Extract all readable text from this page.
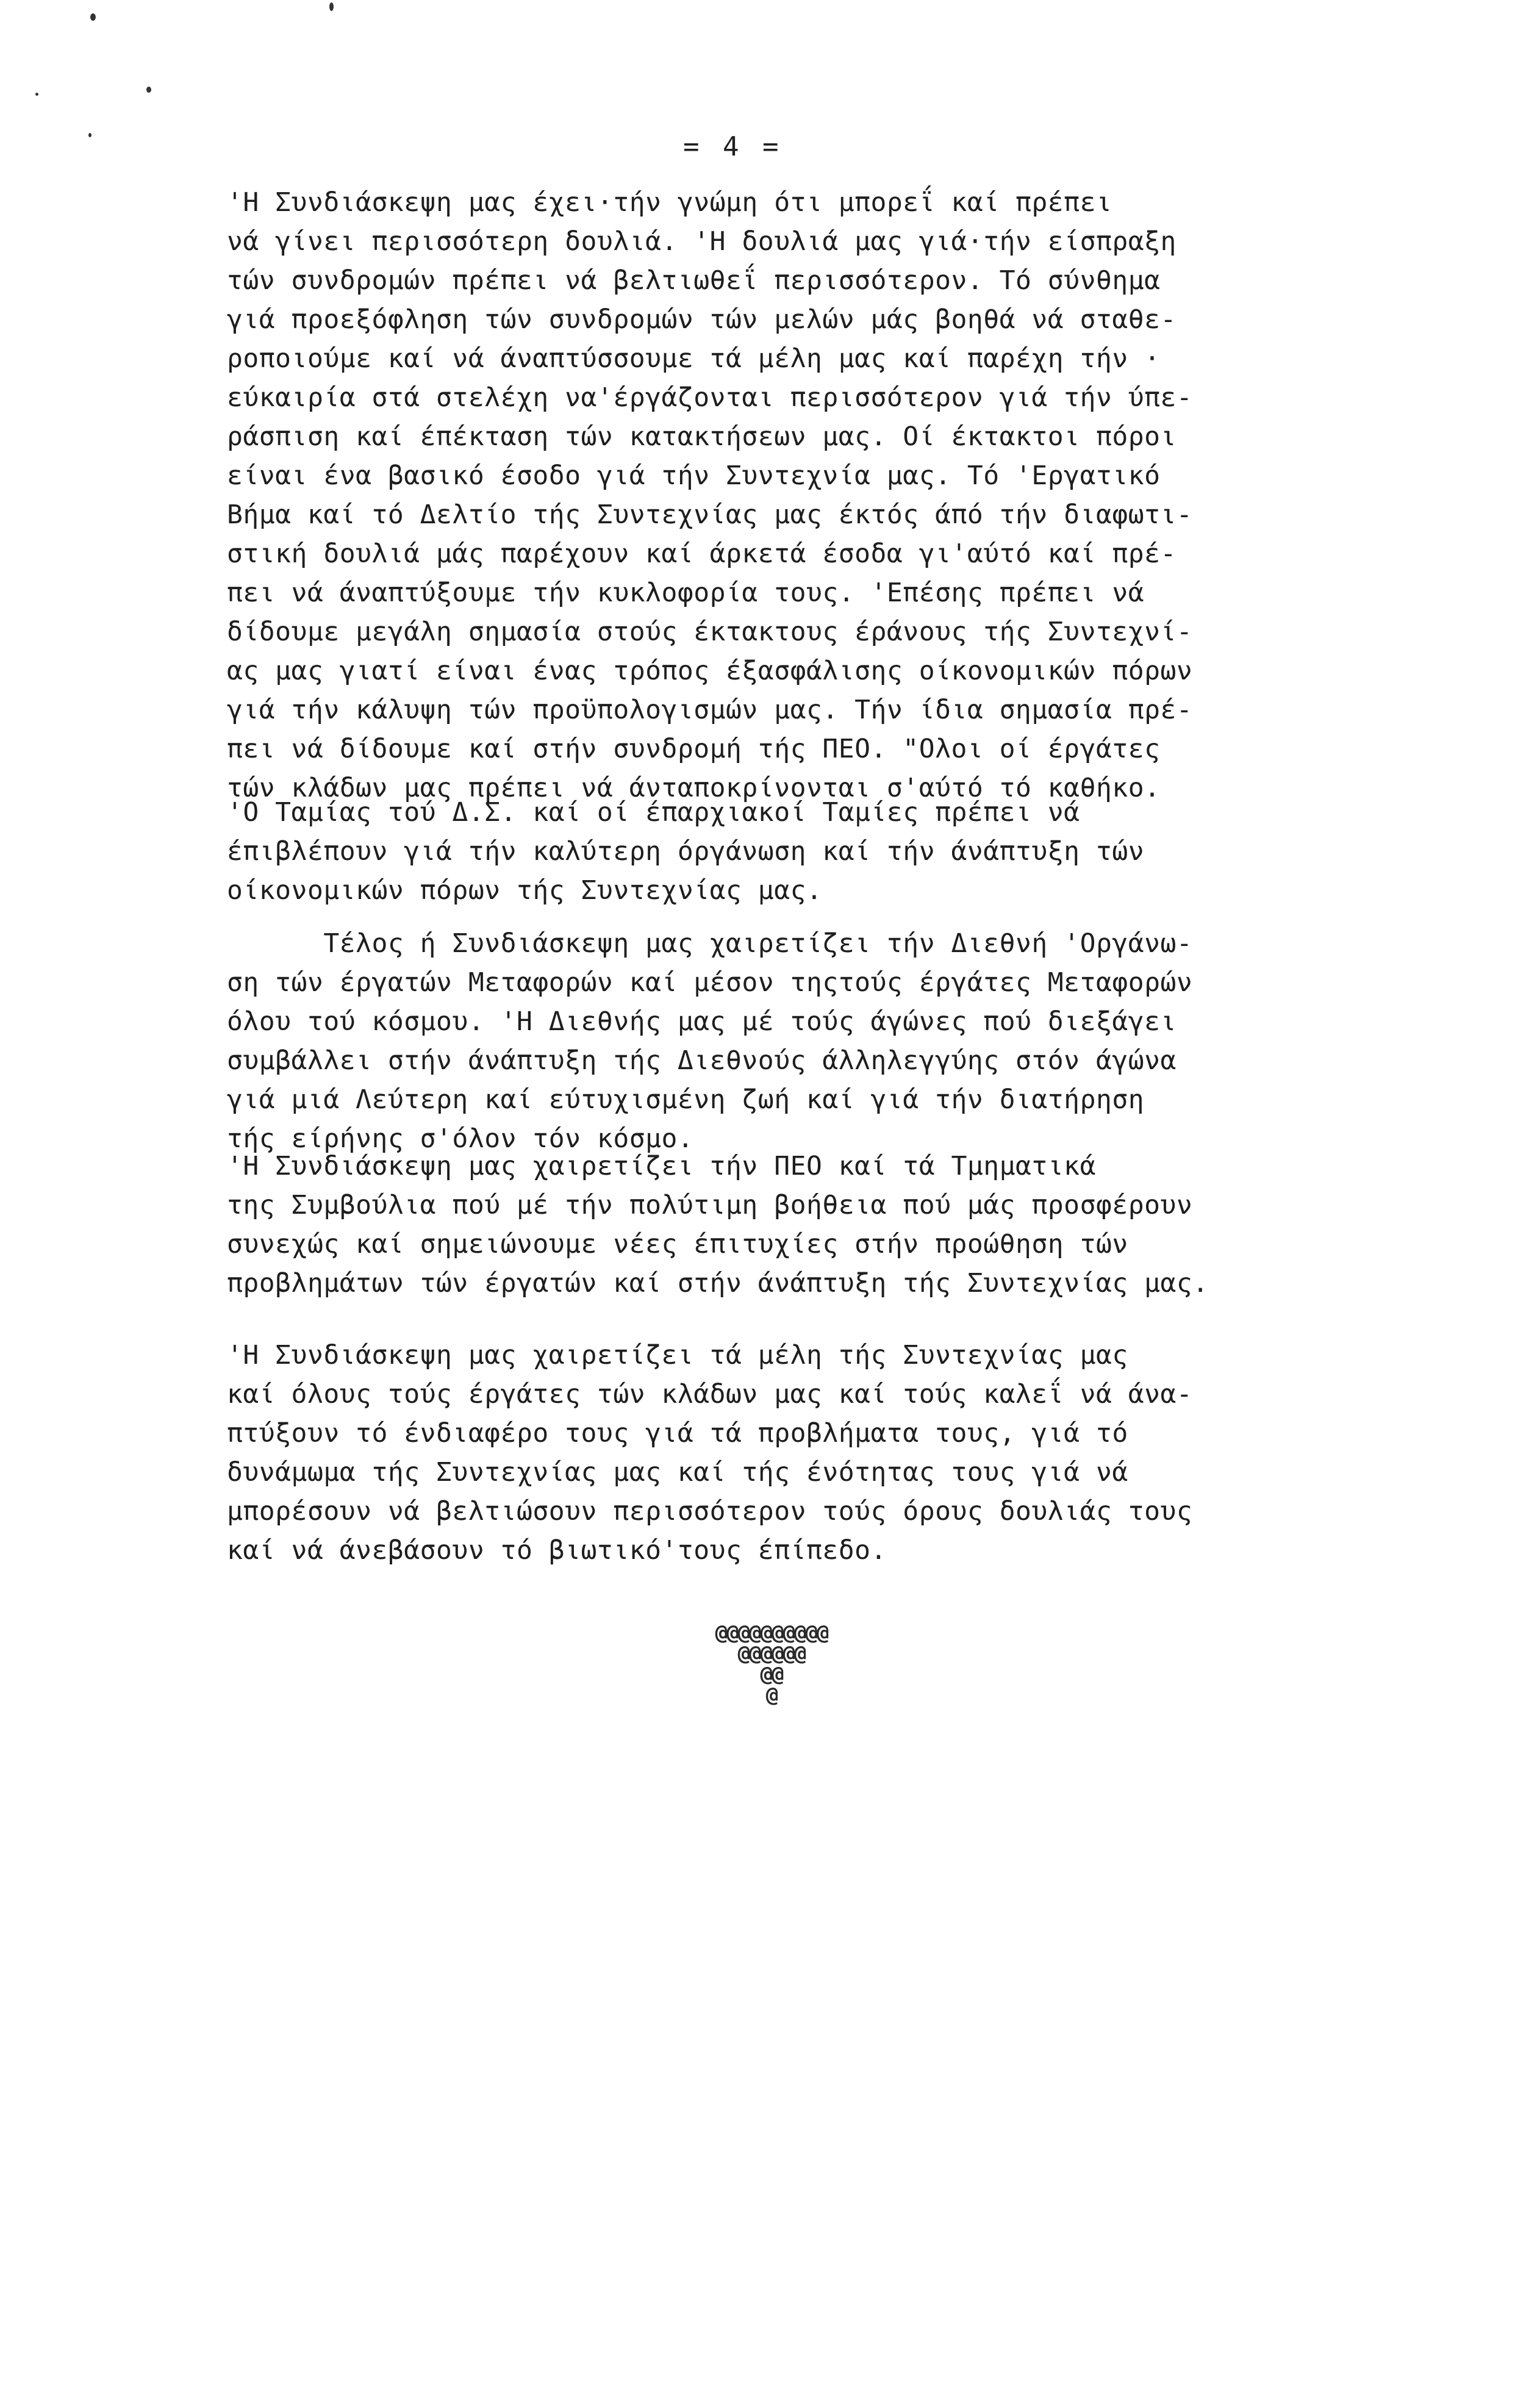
= 4 =
'Η Συνδιάσκεψη μας έχει·τήν γνώμη ότι μπορεΐ καί πρέπει
νά γίνει περισσότερη δουλιά. 'Η δουλιά μας γιά·τήν είσπραξη
τών συνδρομών πρέπει νά βελτιωθεΐ περισσότερον. Τό σύνθημα
γιά προεξόφληση τών συνδρομών τών μελών μάς βοηθά νά σταθε-
ροποιούμε καί νά άναπτύσσουμε τά μέλη μας καί παρέχη τήν ·
εύκαιρία στά στελέχη να'έργάζονται περισσότερον γιά τήν ύπε-
ράσπιση καί έπέκταση τών κατακτήσεων μας. Οί έκτακτοι πόροι
είναι ένα βασικό έσοδο γιά τήν Συντεχνία μας. Τό 'Εργατικό
Βήμα καί τό Δελτίο τής Συντεχνίας μας έκτός άπό τήν διαφωτι-
στική δουλιά μάς παρέχουν καί άρκετά έσοδα γι'αύτό καί πρέ-
πει νά άναπτύξουμε τήν κυκλοφορία τους. 'Επέσης πρέπει νά
δίδουμε μεγάλη σημασία στούς έκτακτους έράνους τής Συντεχνί-
ας μας γιατί είναι ένας τρόπος έξασφάλισης οίκονομικών πόρων
γιά τήν κάλυψη τών προϋπολογισμών μας. Τήν ίδια σημασία πρέ-
πει νά δίδουμε καί στήν συνδρομή τής ΠΕΟ. "Ολοι οί έργάτες
τών κλάδων μας πρέπει νά άνταποκρίνονται σ'αύτό τό καθήκο.
'Ο Ταμίας τού Δ.Σ. καί οί έπαρχιακοί Ταμίες πρέπει νά
έπιβλέπουν γιά τήν καλύτερη όργάνωση καί τήν άνάπτυξη τών
οίκονομικών πόρων τής Συντεχνίας μας.
Τέλος ή Συνδιάσκεψη μας χαιρετίζει τήν Διεθνή 'Οργάνω-
ση τών έργατών Μεταφορών καί μέσον τηςτούς έργάτες Μεταφορών
όλου τού κόσμου. 'Η Διεθνής μας μέ τούς άγώνες πού διεξάγει
συμβάλλει στήν άνάπτυξη τής Διεθνούς άλληλεγγύης στόν άγώνα
γιά μιά Λεύτερη καί εύτυχισμένη ζωή καί γιά τήν διατήρηση
τής είρήνης σ'όλον τόν κόσμο.
'Η Συνδιάσκεψη μας χαιρετίζει τήν ΠΕΟ καί τά Τμηματικά
της Συμβούλια πού μέ τήν πολύτιμη βοήθεια πού μάς προσφέρουν
συνεχώς καί σημειώνουμε νέες έπιτυχίες στήν προώθηση τών
προβλημάτων τών έργατών καί στήν άνάπτυξη τής Συντεχνίας μας.
'Η Συνδιάσκεψη μας χαιρετίζει τά μέλη τής Συντεχνίας μας
καί όλους τούς έργάτες τών κλάδων μας καί τούς καλεΐ νά άνα-
πτύξουν τό ένδιαφέρο τους γιά τά προβλήματα τους, γιά τό
δυνάμωμα τής Συντεχνίας μας καί τής ένότητας τους γιά νά
μπορέσουν νά βελτιώσουν περισσότερον τούς όρους δουλιάς τους
καί νά άνεβάσουν τό βιωτικό'τους έπίπεδο.
@@@@@@@@@@
@@@@@@
@@
@
